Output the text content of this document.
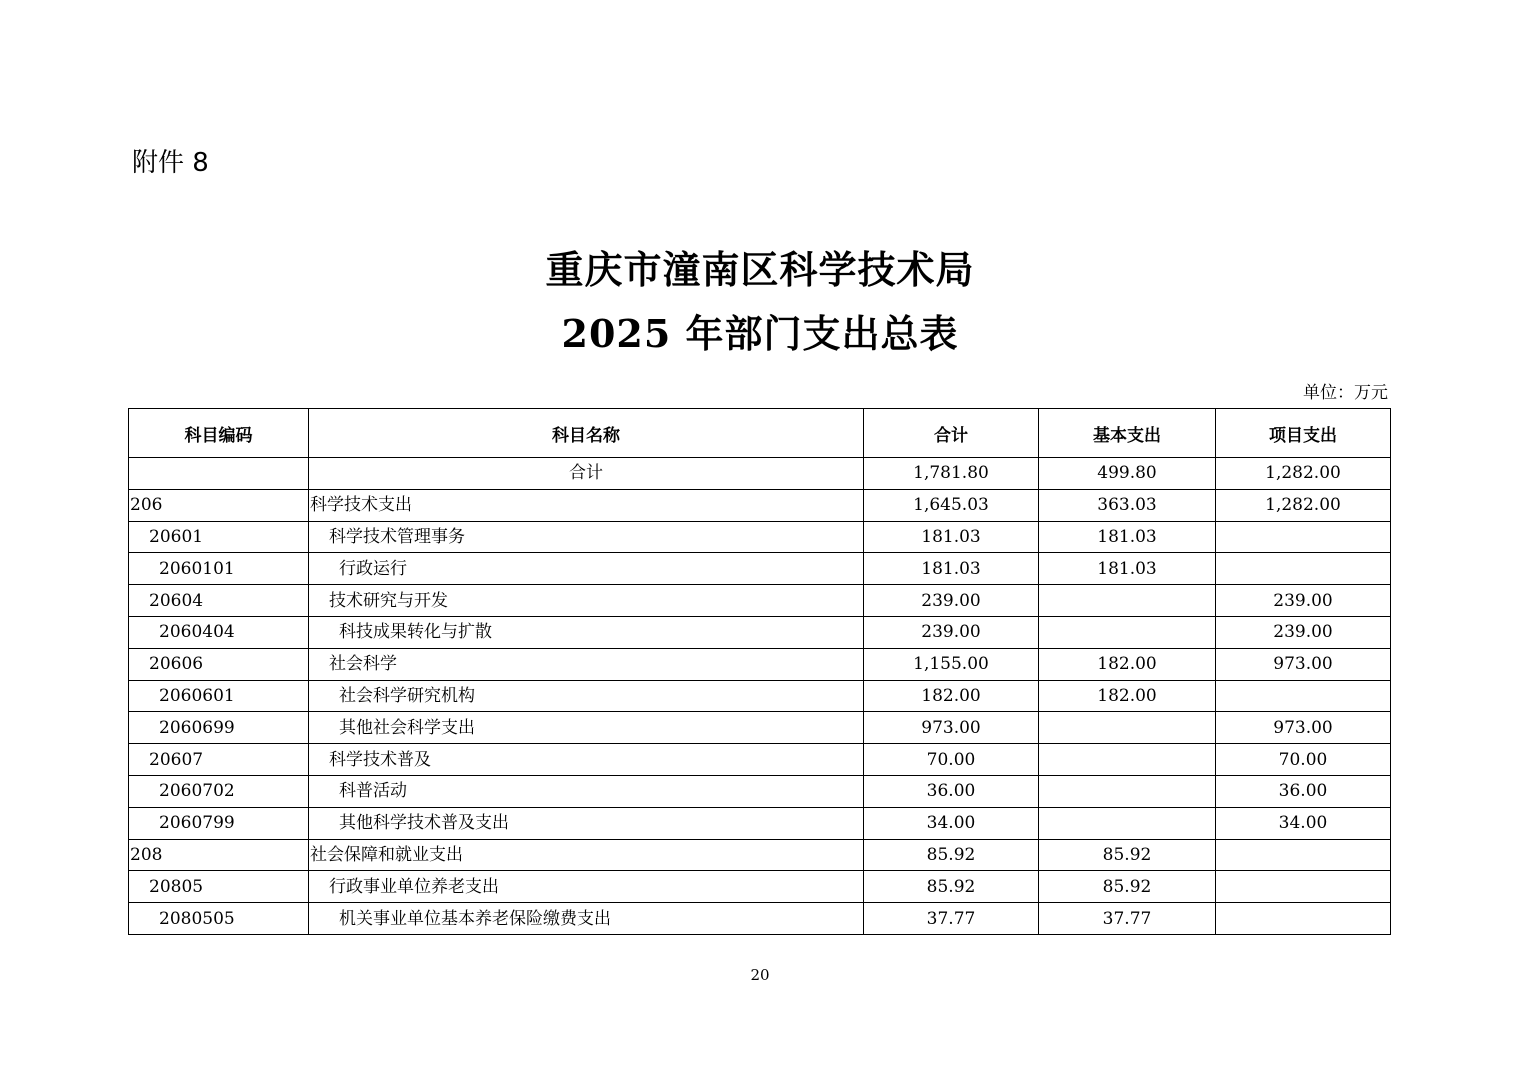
附件 8
重庆市潼南区科学技术局
2025 年部门支出总表
单位：万元
科目编码	科目名称	合计	基本支出	项目支出
	合计	1,781.80	499.80	1,282.00
206	科学技术支出	1,645.03	363.03	1,282.00
20601	科学技术管理事务	181.03	181.03	
2060101	行政运行	181.03	181.03	
20604	技术研究与开发	239.00		239.00
2060404	科技成果转化与扩散	239.00		239.00
20606	社会科学	1,155.00	182.00	973.00
2060601	社会科学研究机构	182.00	182.00	
2060699	其他社会科学支出	973.00		973.00
20607	科学技术普及	70.00		70.00
2060702	科普活动	36.00		36.00
2060799	其他科学技术普及支出	34.00		34.00
208	社会保障和就业支出	85.92	85.92	
20805	行政事业单位养老支出	85.92	85.92	
2080505	机关事业单位基本养老保险缴费支出	37.77	37.77	
20
